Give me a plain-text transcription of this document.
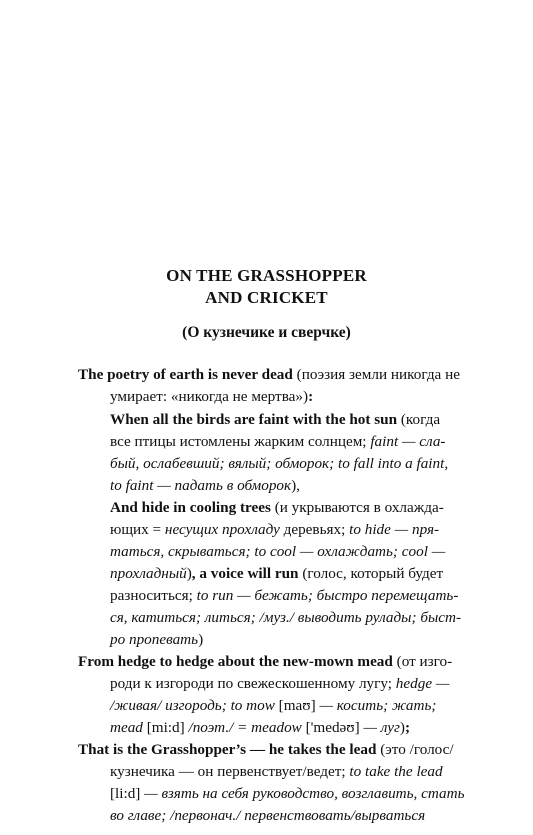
ON THE GRASSHOPPER
AND CRICKET
(О кузнечике и сверчке)
The poetry of earth is never dead (поэзия земли никогда не
умирает: «никогда не мертва»):
When all the birds are faint with the hot sun (когда
все птицы истомлены жарким солнцем; faint — сла-
бый, ослабевший; вялый; обморок; to fall into a faint,
to faint — падать в обморок),
And hide in cooling trees (и укрываются в охлажда-
ющих = несущих прохладу деревьях; to hide — пря-
таться, скрываться; to cool — охлаждать; cool —
прохладный), a voice will run (голос, который будет
разноситься; to run — бежать; быстро перемещать-
ся, катиться; литься; /муз./ выводить рулады; быст-
ро пропевать)
From hedge to hedge about the new-mown mead (от изго-
роди к изгороди по свежескошенному лугу; hedge —
/живая/ изгородь; to mow [maʊ] — косить; жать;
mead [mi:d] /поэт./ = meadow ['medəʊ] — луг);
That is the Grasshopper’s — he takes the lead (это /голос/
кузнечика — он первенствует/ведет; to take the lead
[li:d] — взять на себя руководство, возглавить, стать
во главе; /первонач./ первенствовать/вырваться
